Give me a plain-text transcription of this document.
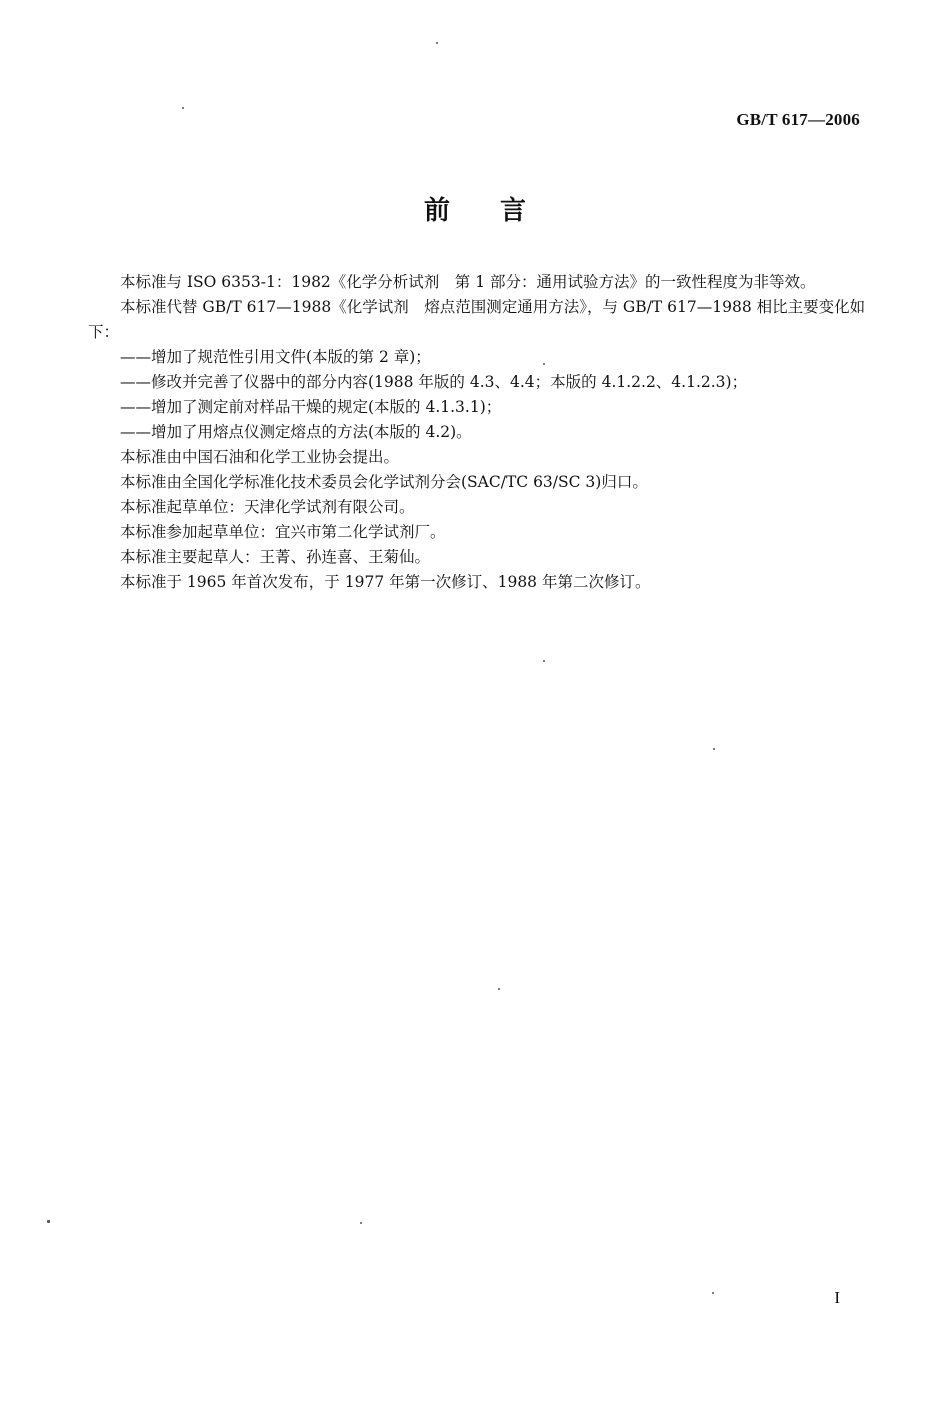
GB/T 617—2006
前言

本标准与 ISO 6353-1：1982《化学分析试剂　第 1 部分：通用试验方法》的一致性程度为非等效。

本标准代替 GB/T 617—1988《化学试剂　熔点范围测定通用方法》，与 GB/T 617—1988 相比主要变化如下：

——增加了规范性引用文件(本版的第 2 章)；

——修改并完善了仪器中的部分内容(1988 年版的 4.3、4.4；本版的 4.1.2.2、4.1.2.3)；

——增加了测定前对样品干燥的规定(本版的 4.1.3.1)；

——增加了用熔点仪测定熔点的方法(本版的 4.2)。

本标准由中国石油和化学工业协会提出。

本标准由全国化学标准化技术委员会化学试剂分会(SAC/TC 63/SC 3)归口。

本标准起草单位：天津化学试剂有限公司。

本标准参加起草单位：宜兴市第二化学试剂厂。

本标准主要起草人：王菁、孙连喜、王菊仙。

本标准于 1965 年首次发布，于 1977 年第一次修订、1988 年第二次修订。

I
